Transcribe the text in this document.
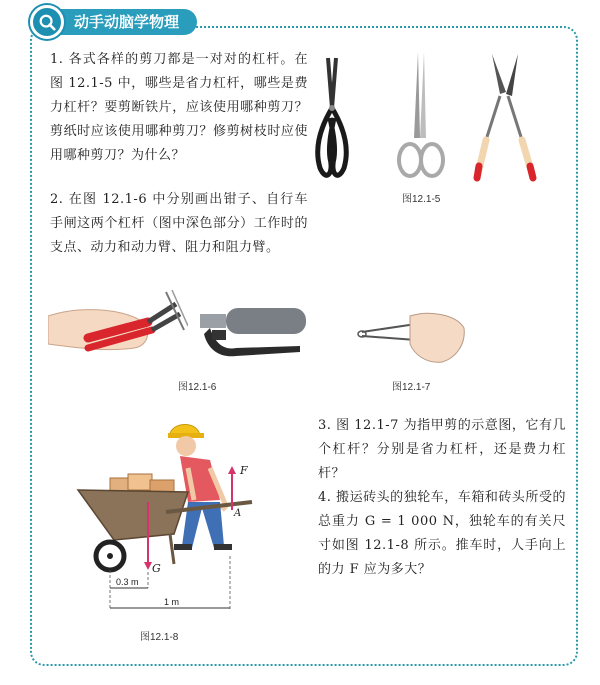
动手动脑学物理
1. 各式各样的剪刀都是一对对的杠杆。在图 12.1-5 中，哪些是省力杠杆，哪些是费力杠杆？要剪断铁片，应该使用哪种剪刀？剪纸时应该使用哪种剪刀？修剪树枝时应使用哪种剪刀？为什么？
2. 在图 12.1-6 中分别画出钳子、自行车手闸这两个杠杆（图中深色部分）工作时的支点、动力和动力臂、阻力和阻力臂。
3. 图 12.1-7 为指甲剪的示意图，它有几个杠杆？分别是省力杠杆，还是费力杠杆？
4. 搬运砖头的独轮车，车箱和砖头所受的总重力 G = 1 000 N，独轮车的有关尺寸如图 12.1-8 所示。推车时，人手向上的力 F 应为多大？
图12.1-5
图12.1-6	图12.1-7
G
F
A
0.3 m
1 m
图12.1-8
